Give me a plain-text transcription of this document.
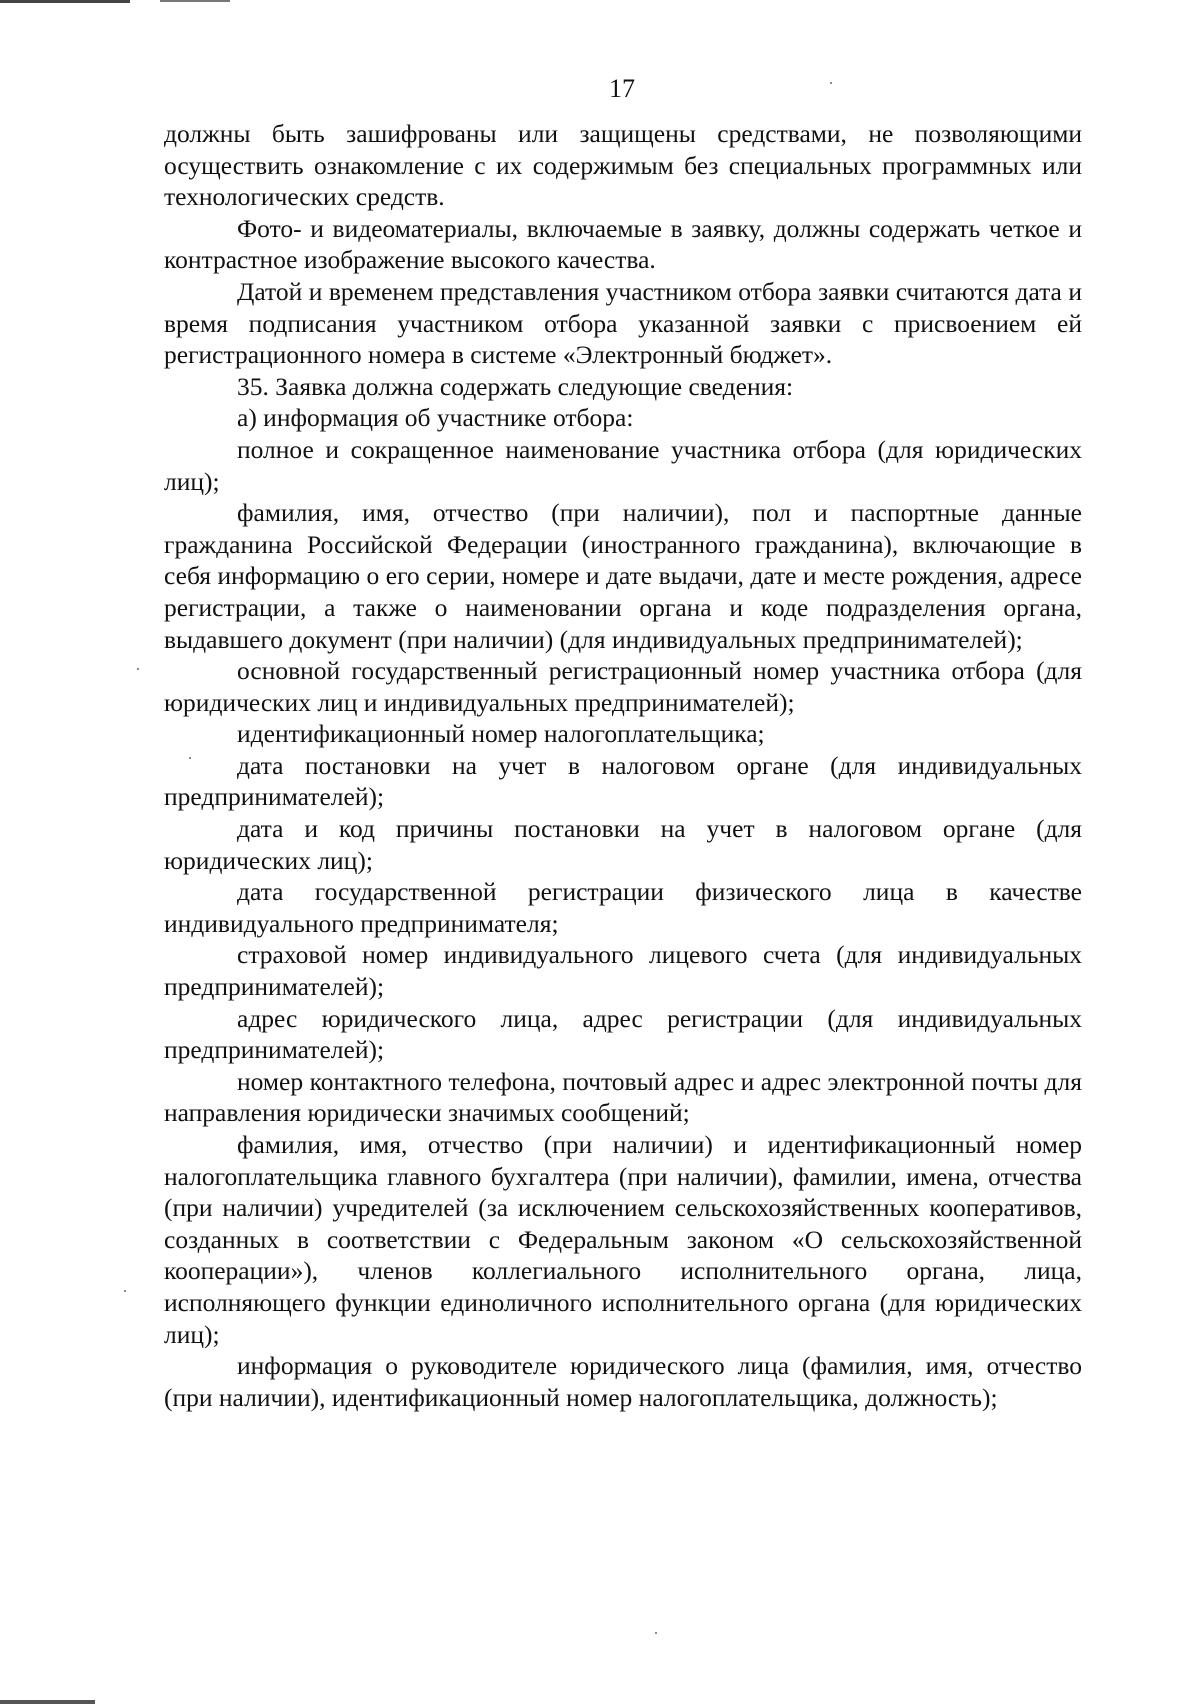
17

должны быть зашифрованы или защищены средствами, не позволяющими осуществить ознакомление с их содержимым без специальных программных или технологических средств.

Фото- и видеоматериалы, включаемые в заявку, должны содержать четкое и контрастное изображение высокого качества.

Датой и временем представления участником отбора заявки считаются дата и время подписания участником отбора указанной заявки с присвоением ей регистрационного номера в системе «Электронный бюджет».

35. Заявка должна содержать следующие сведения:

а) информация об участнике отбора:

полное и сокращенное наименование участника отбора (для юридических лиц);

фамилия, имя, отчество (при наличии), пол и паспортные данные гражданина Российской Федерации (иностранного гражданина), включающие в себя информацию о его серии, номере и дате выдачи, дате и месте рождения, адресе регистрации, а также о наименовании органа и коде подразделения органа, выдавшего документ (при наличии) (для индивидуальных предпринимателей);

основной государственный регистрационный номер участника отбора (для юридических лиц и индивидуальных предпринимателей);

идентификационный номер налогоплательщика;

дата постановки на учет в налоговом органе (для индивидуальных предпринимателей);

дата и код причины постановки на учет в налоговом органе (для юридических лиц);

дата государственной регистрации физического лица в качестве индивидуального предпринимателя;

страховой номер индивидуального лицевого счета (для индивидуальных предпринимателей);

адрес юридического лица, адрес регистрации (для индивидуальных предпринимателей);

номер контактного телефона, почтовый адрес и адрес электронной почты для направления юридически значимых сообщений;

фамилия, имя, отчество (при наличии) и идентификационный номер налогоплательщика главного бухгалтера (при наличии), фамилии, имена, отчества (при наличии) учредителей (за исключением сельскохозяйственных кооперативов, созданных в соответствии с Федеральным законом «О сельскохозяйственной кооперации»), членов коллегиального исполнительного органа, лица, исполняющего функции единоличного исполнительного органа (для юридических лиц);

информация о руководителе юридического лица (фамилия, имя, отчество (при наличии), идентификационный номер налогоплательщика, должность);
